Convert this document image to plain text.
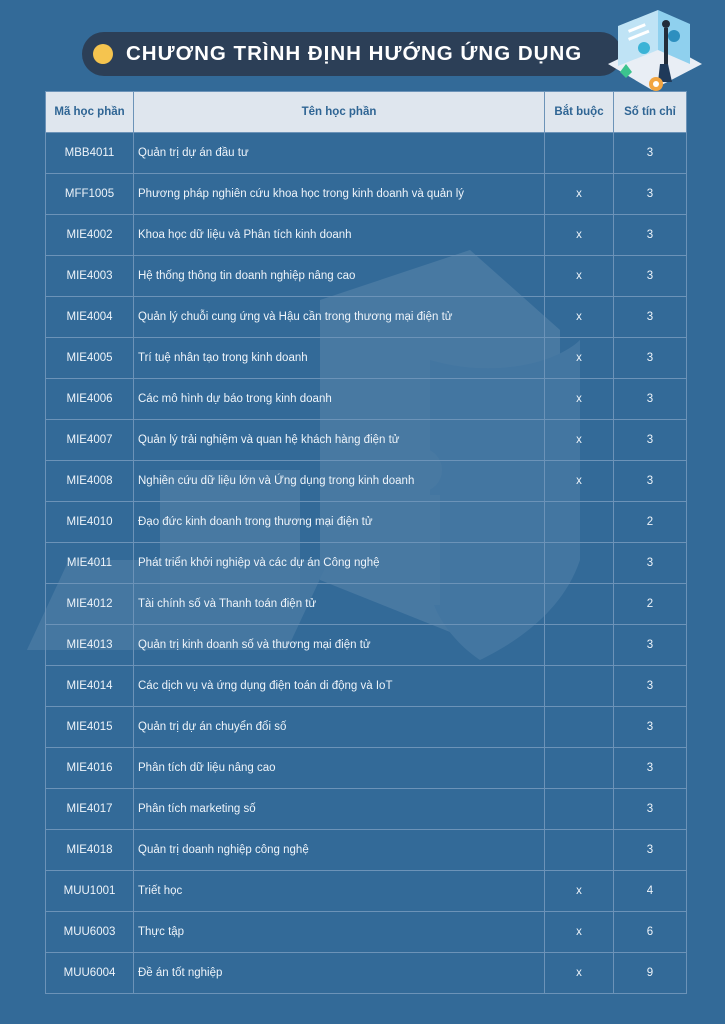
CHƯƠNG TRÌNH ĐỊNH HƯỚNG ỨNG DỤNG
Mã học phần	Tên học phần	Bắt buộc	Số tín chỉ
MBB4011	Quản trị dự án đầu tư		3
MFF1005	Phương pháp nghiên cứu khoa học trong kinh doanh và quản lý	x	3
MIE4002	Khoa học dữ liệu và Phân tích kinh doanh	x	3
MIE4003	Hệ thống thông tin doanh nghiệp nâng cao	x	3
MIE4004	Quản lý chuỗi cung ứng và Hậu cần trong thương mại điện tử	x	3
MIE4005	Trí tuệ nhân tạo trong kinh doanh	x	3
MIE4006	Các mô hình dự báo trong kinh doanh	x	3
MIE4007	Quản lý trải nghiệm và quan hệ khách hàng điện tử	x	3
MIE4008	Nghiên cứu dữ liệu lớn và Ứng dụng trong kinh doanh	x	3
MIE4010	Đạo đức kinh doanh trong thương mại điện tử		2
MIE4011	Phát triển khởi nghiệp và các dự án Công nghệ		3
MIE4012	Tài chính số và Thanh toán điện tử		2
MIE4013	Quản trị kinh doanh số và thương mại điện tử		3
MIE4014	Các dịch vụ và ứng dụng điện toán di động và IoT		3
MIE4015	Quản trị dự án chuyển đổi số		3
MIE4016	Phân tích dữ liệu nâng cao		3
MIE4017	Phân tích marketing số		3
MIE4018	Quản trị doanh nghiệp công nghệ		3
MUU1001	Triết học	x	4
MUU6003	Thực tập	x	6
MUU6004	Đề án tốt nghiệp	x	9
